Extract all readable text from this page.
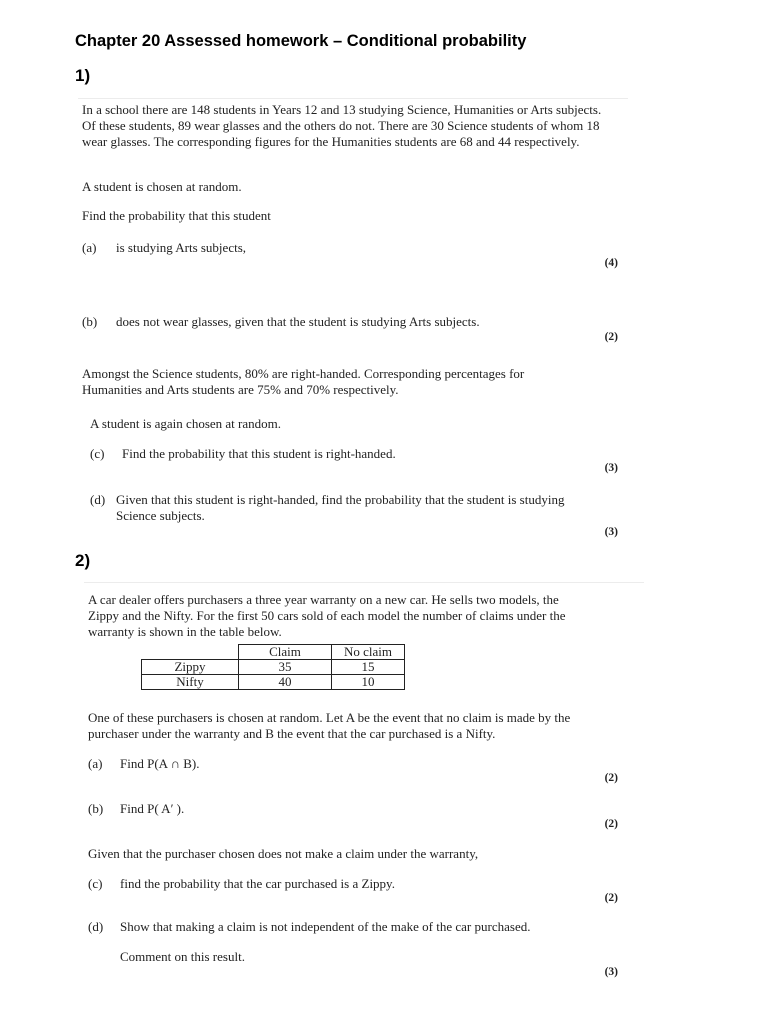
Chapter 20 Assessed homework – Conditional probability
1)
In a school there are 148 students in Years 12 and 13 studying Science, Humanities or Arts subjects. Of these students, 89 wear glasses and the others do not. There are 30 Science students of whom 18 wear glasses. The corresponding figures for the Humanities students are 68 and 44 respectively.
A student is chosen at random.
Find the probability that this student
(a) is studying Arts subjects,
(4)
(b) does not wear glasses, given that the student is studying Arts subjects.
(2)
Amongst the Science students, 80% are right-handed. Corresponding percentages for Humanities and Arts students are 75% and 70% respectively.
A student is again chosen at random.
(c) Find the probability that this student is right-handed.
(3)
(d) Given that this student is right-handed, find the probability that the student is studying Science subjects.
(3)
2)
A car dealer offers purchasers a three year warranty on a new car. He sells two models, the Zippy and the Nifty. For the first 50 cars sold of each model the number of claims under the warranty is shown in the table below.
	Claim	No claim
Zippy	35	15
Nifty	40	10
One of these purchasers is chosen at random. Let A be the event that no claim is made by the purchaser under the warranty and B the event that the car purchased is a Nifty.
(a) Find P(A ∩ B).
(2)
(b) Find P( A′ ).
(2)
Given that the purchaser chosen does not make a claim under the warranty,
(c) find the probability that the car purchased is a Zippy.
(2)
(d) Show that making a claim is not independent of the make of the car purchased.
Comment on this result.
(3)
